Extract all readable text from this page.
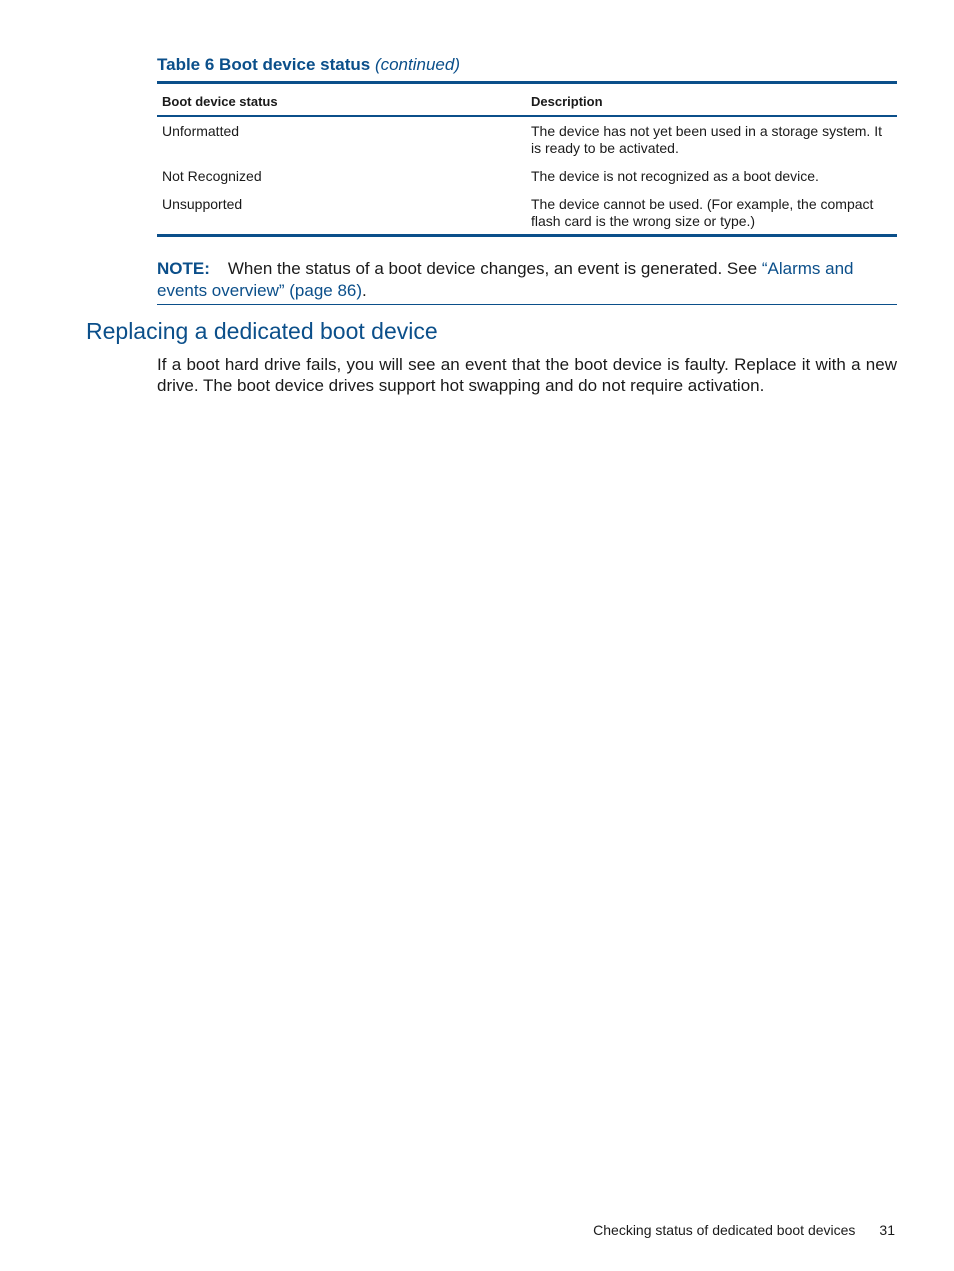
Table 6 Boot device status (continued)
Boot device status	Description
Unformatted	The device has not yet been used in a storage system. It is ready to be activated.
Not Recognized	The device is not recognized as a boot device.
Unsupported	The device cannot be used. (For example, the compact flash card is the wrong size or type.)
NOTE: When the status of a boot device changes, an event is generated. See “Alarms and events overview” (page 86).
Replacing a dedicated boot device

If a boot hard drive fails, you will see an event that the boot device is faulty. Replace it with a new drive. The boot device drives support hot swapping and do not require activation.

Checking status of dedicated boot devices 31
